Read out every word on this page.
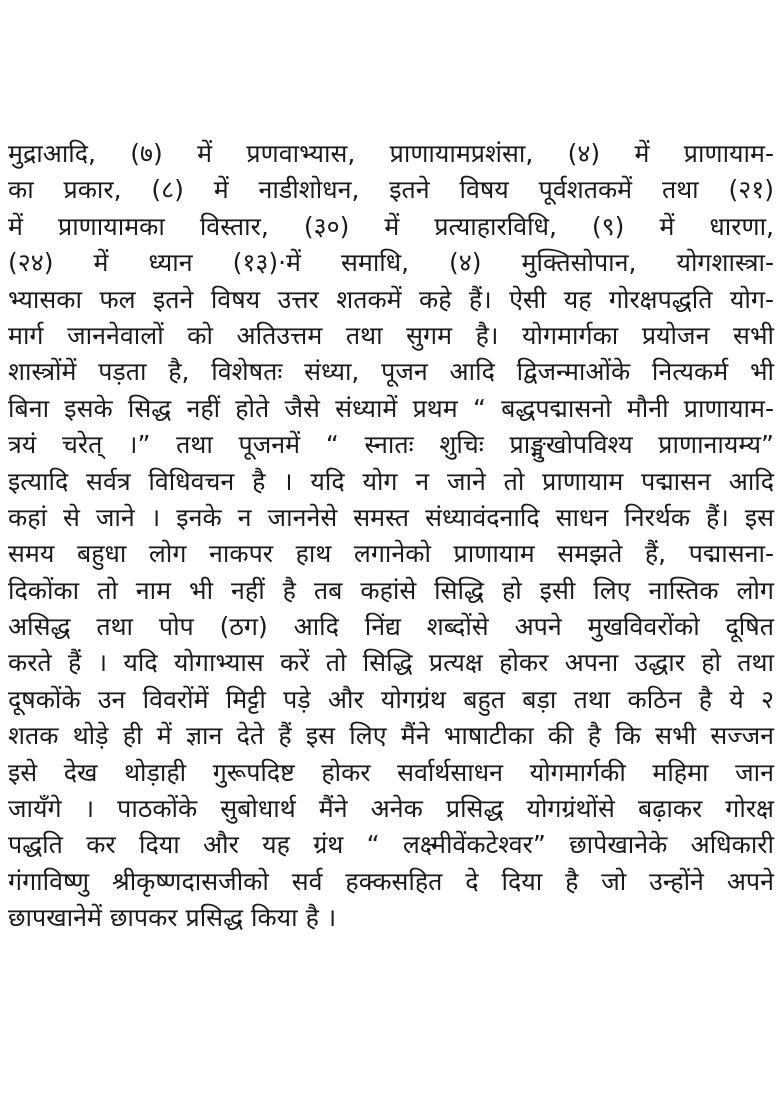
मुद्राआदि, (७) में प्रणवाभ्यास, प्राणायामप्रशंसा, (४) में प्राणायाम-
का प्रकार, (८) में नाडीशोधन, इतने विषय पूर्वशतकमें तथा (२१)
में प्राणायामका विस्तार, (३०) में प्रत्याहारविधि, (९) में धारणा,
(२४) में ध्यान (१३)·में समाधि, (४) मुक्तिसोपान, योगशास्त्रा-
भ्यासका फल इतने विषय उत्तर शतकमें कहे हैं। ऐसी यह गोरक्षपद्धति योग-
मार्ग जाननेवालों को अतिउत्तम तथा सुगम है। योगमार्गका प्रयोजन सभी
शास्त्रोंमें पड़ता है, विशेषतः संध्या, पूजन आदि द्विजन्माओंके नित्यकर्म भी
बिना इसके सिद्ध नहीं होते जैसे संध्यामें प्रथम “ बद्धपद्मासनो मौनी प्राणायाम-
त्रयं चरेत् ।” तथा पूजनमें “ स्नातः शुचिः प्राङ्मुखोपविश्य प्राणानायम्य”
इत्यादि सर्वत्र विधिवचन है । यदि योग न जाने तो प्राणायाम पद्मासन आदि
कहां से जाने । इनके न जाननेसे समस्त संध्यावंदनादि साधन निरर्थक हैं। इस
समय बहुधा लोग नाकपर हाथ लगानेको प्राणायाम समझते हैं, पद्मासना-
दिकोंका तो नाम भी नहीं है तब कहांसे सिद्धि हो इसी लिए नास्तिक लोग
असिद्ध तथा पोप (ठग) आदि निंद्य शब्दोंसे अपने मुखविवरोंको दूषित
करते हैं । यदि योगाभ्यास करें तो सिद्धि प्रत्यक्ष होकर अपना उद्धार हो तथा
दूषकोंके उन विवरोंमें मिट्टी पड़े और योगग्रंथ बहुत बड़ा तथा कठिन है ये २
शतक थोड़े ही में ज्ञान देते हैं इस लिए मैंने भाषाटीका की है कि सभी सज्जन
इसे देख थोड़ाही गुरूपदिष्ट होकर सर्वार्थसाधन योगमार्गकी महिमा जान
जायँगे । पाठकोंके सुबोधार्थ मैंने अनेक प्रसिद्ध योगग्रंथोंसे बढ़ाकर गोरक्ष
पद्धति कर दिया और यह ग्रंथ “ लक्ष्मीवेंकटेश्वर” छापेखानेके अधिकारी
गंगाविष्णु श्रीकृष्णदासजीको सर्व हक्कसहित दे दिया है जो उन्होंने अपने
छापखानेमें छापकर प्रसिद्ध किया है ।
